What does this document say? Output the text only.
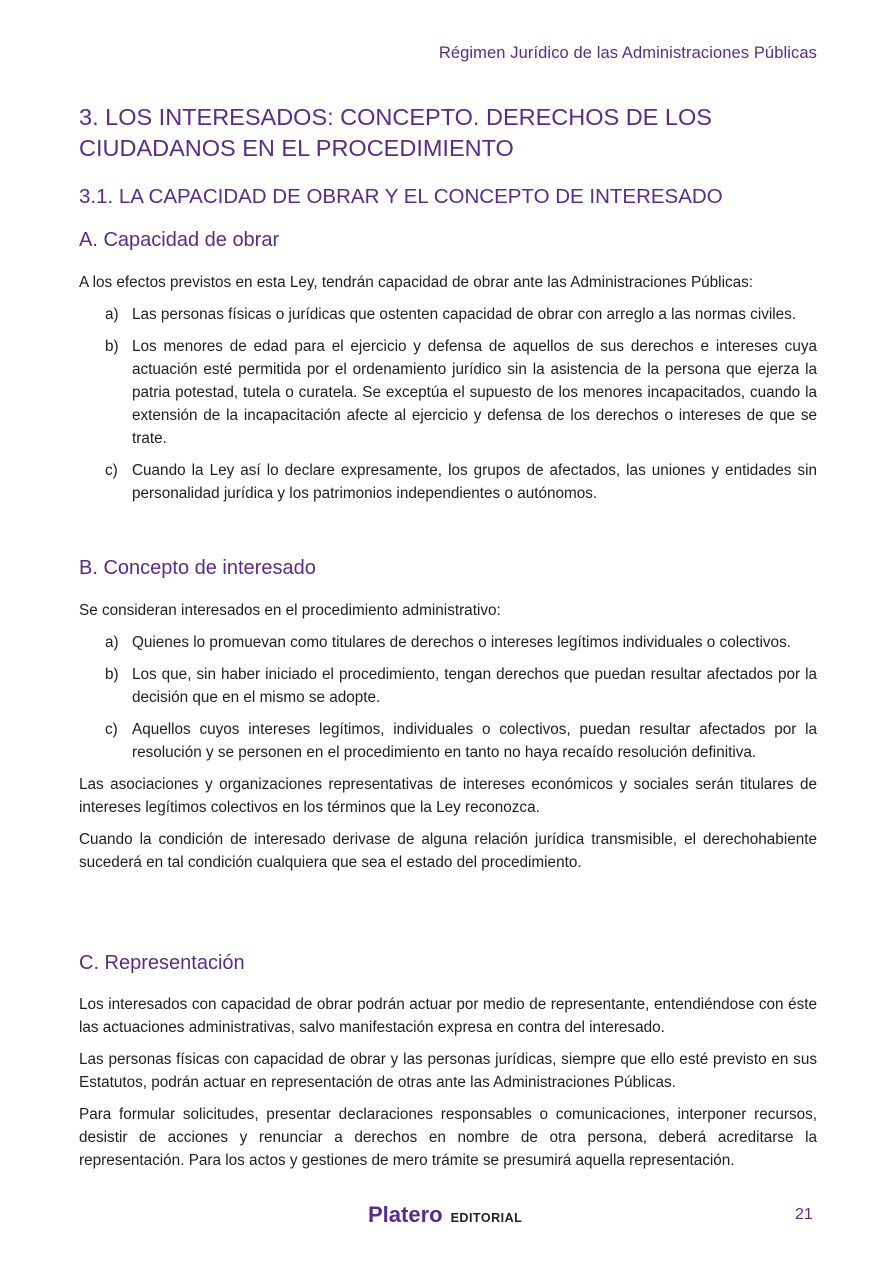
Régimen Jurídico de las Administraciones Públicas
3. LOS INTERESADOS: CONCEPTO. DERECHOS DE LOS CIUDADANOS EN EL PROCEDIMIENTO
3.1. LA CAPACIDAD DE OBRAR Y EL CONCEPTO DE INTERESADO
A. Capacidad de obrar

A los efectos previstos en esta Ley, tendrán capacidad de obrar ante las Administraciones Públicas:

a) Las personas físicas o jurídicas que ostenten capacidad de obrar con arreglo a las normas civiles.
b) Los menores de edad para el ejercicio y defensa de aquellos de sus derechos e intereses cuya actuación esté permitida por el ordenamiento jurídico sin la asistencia de la persona que ejerza la patria potestad, tutela o curatela. Se exceptúa el supuesto de los menores incapacitados, cuando la extensión de la incapacitación afecte al ejercicio y defensa de los derechos o intereses de que se trate.
c) Cuando la Ley así lo declare expresamente, los grupos de afectados, las uniones y entidades sin personalidad jurídica y los patrimonios independientes o autónomos.
B. Concepto de interesado

Se consideran interesados en el procedimiento administrativo:

a) Quienes lo promuevan como titulares de derechos o intereses legítimos individuales o colectivos.
b) Los que, sin haber iniciado el procedimiento, tengan derechos que puedan resultar afectados por la decisión que en el mismo se adopte.
c) Aquellos cuyos intereses legítimos, individuales o colectivos, puedan resultar afectados por la resolución y se personen en el procedimiento en tanto no haya recaído resolución definitiva.

Las asociaciones y organizaciones representativas de intereses económicos y sociales serán titulares de intereses legítimos colectivos en los términos que la Ley reconozca.

Cuando la condición de interesado derivase de alguna relación jurídica transmisible, el derechohabiente sucederá en tal condición cualquiera que sea el estado del procedimiento.

C. Representación

Los interesados con capacidad de obrar podrán actuar por medio de representante, entendiéndose con éste las actuaciones administrativas, salvo manifestación expresa en contra del interesado.

Las personas físicas con capacidad de obrar y las personas jurídicas, siempre que ello esté previsto en sus Estatutos, podrán actuar en representación de otras ante las Administraciones Públicas.

Para formular solicitudes, presentar declaraciones responsables o comunicaciones, interponer recursos, desistir de acciones y renunciar a derechos en nombre de otra persona, deberá acreditarse la representación. Para los actos y gestiones de mero trámite se presumirá aquella representación.

Platero EDITORIAL	21
